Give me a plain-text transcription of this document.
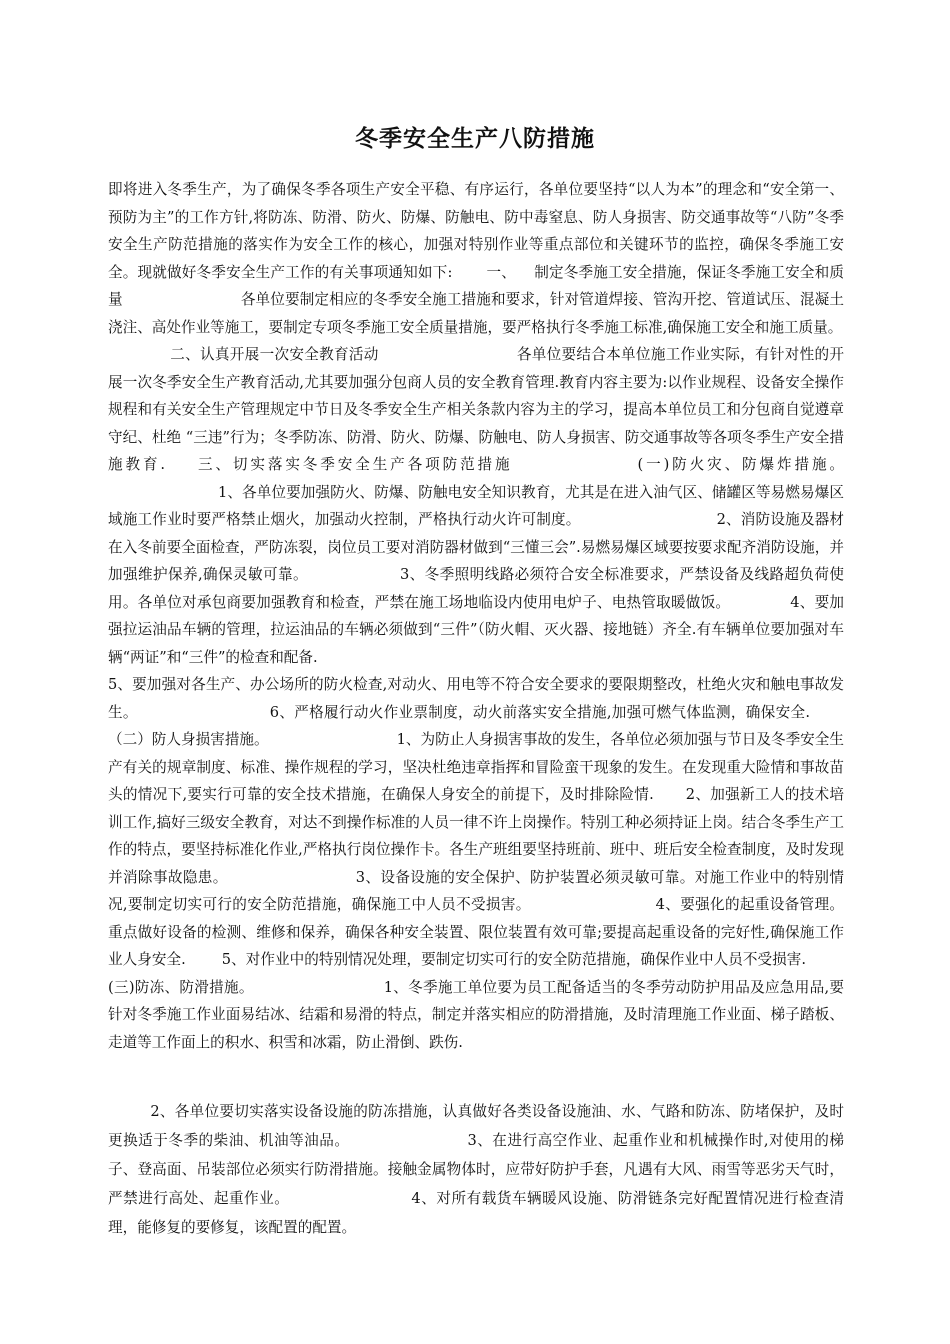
冬季安全生产八防措施

即将进入冬季生产，为了确保冬季各项生产安全平稳、有序运行，各单位要坚持“以人为本”的理念和“安全第一、预防为主”的工作方针,将防冻、防滑、防火、防爆、防触电、防中毒窒息、防人身损害、防交通事故等“八防”冬季安全生产防范措施的落实作为安全工作的核心，加强对特别作业等重点部位和关键环节的监控，确保冬季施工安全。现就做好冬季安全生产工作的有关事项通知如下: 一、 制定冬季施工安全措施，保证冬季施工安全和质量	各单位要制定相应的冬季安全施工措施和要求，针对管道焊接、管沟开挖、管道试压、混凝土浇注、高处作业等施工，要制定专项冬季施工安全质量措施，要严格执行冬季施工标准,确保施工安全和施工质量。
二、认真开展一次安全教育活动	各单位要结合本单位施工作业实际，有针对性的开展一次冬季安全生产教育活动,尤其要加强分包商人员的安全教育管理.教育内容主要为:以作业规程、设备安全操作规程和有关安全生产管理规定中节日及冬季安全生产相关条款内容为主的学习，提高本单位员工和分包商自觉遵章守纪、杜绝 “三违”行为；冬季防冻、防滑、防火、防爆、防触电、防人身损害、防交通事故等各项冬季生产安全措施教育. 三、切实落实冬季安全生产各项防范措施	(一)防火灾、防爆炸措施。1、各单位要加强防火、防爆、防触电安全知识教育，尤其是在进入油气区、储罐区等易燃易爆区域施工作业时要严格禁止烟火，加强动火控制，严格执行动火许可制度。	2、消防设施及器材在入冬前要全面检查，严防冻裂，岗位员工要对消防器材做到“三懂三会”.易燃易爆区域要按要求配齐消防设施，并加强维护保养,确保灵敏可靠。	3、冬季照明线路必须符合安全标准要求，严禁设备及线路超负荷使用。各单位对承包商要加强教育和检查，严禁在施工场地临设内使用电炉子、电热管取暖做饭。	4、要加强拉运油品车辆的管理，拉运油品的车辆必须做到“三件”（防火帽、灭火器、接地链）齐全.有车辆单位要加强对车辆“两证”和“三件”的检查和配备.
5、要加强对各生产、办公场所的防火检查,对动火、用电等不符合安全要求的要限期整改，杜绝火灾和触电事故发生。	6、严格履行动火作业票制度，动火前落实安全措施,加强可燃气体监测，确保安全.（二）防人身损害措施。	1、为防止人身损害事故的发生，各单位必须加强与节日及冬季安全生产有关的规章制度、标准、操作规程的学习，坚决杜绝违章指挥和冒险蛮干现象的发生。在发现重大险情和事故苗头的情况下,要实行可靠的安全技术措施，在确保人身安全的前提下，及时排除险情. 2、加强新工人的技术培训工作,搞好三级安全教育，对达不到操作标准的人员一律不许上岗操作。特别工种必须持证上岗。结合冬季生产工作的特点，要坚持标准化作业,严格执行岗位操作卡。各生产班组要坚持班前、班中、班后安全检查制度，及时发现并消除事故隐患。	3、设备设施的安全保护、防护装置必须灵敏可靠。对施工作业中的特别情况,要制定切实可行的安全防范措施，确保施工中人员不受损害。	4、要强化的起重设备管理。重点做好设备的检测、维修和保养，确保各种安全装置、限位装置有效可靠;要提高起重设备的完好性,确保施工作业人身安全. 5、对作业中的特别情况处理，要制定切实可行的安全防范措施，确保作业中人员不受损害.(三)防冻、防滑措施。	1、冬季施工单位要为员工配备适当的冬季劳动防护用品及应急用品,要针对冬季施工作业面易结冰、结霜和易滑的特点，制定并落实相应的防滑措施，及时清理施工作业面、梯子踏板、走道等工作面上的积水、积雪和冰霜，防止滑倒、跌伤.

2、各单位要切实落实设备设施的防冻措施，认真做好各类设备设施油、水、气路和防冻、防堵保护，及时更换适于冬季的柴油、机油等油品。	3、在进行高空作业、起重作业和机械操作时,对使用的梯子、登高面、吊装部位必须实行防滑措施。接触金属物体时，应带好防护手套，凡遇有大风、雨雪等恶劣天气时，严禁进行高处、起重作业。	4、对所有载货车辆暖风设施、防滑链条完好配置情况进行检查清理，能修复的要修复，该配置的配置。
